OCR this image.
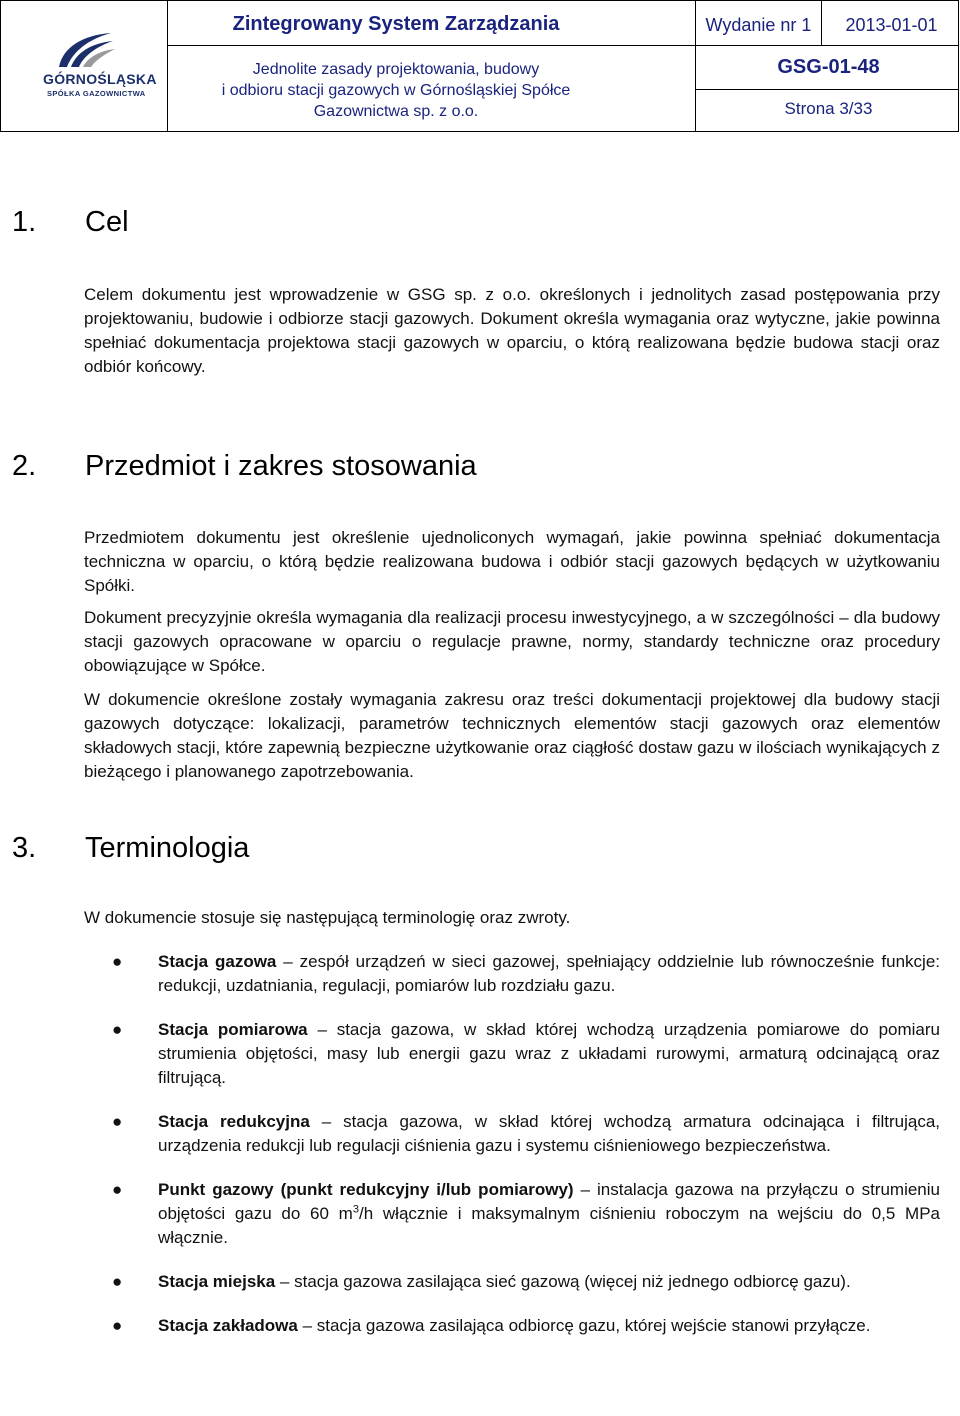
GÓRNOŚLĄSKA
SPÓŁKA GAZOWNICTWA
Zintegrowany System Zarządzania
Jednolite zasady projektowania, budowy
i odbioru stacji gazowych w Górnośląskiej Spółce
Gazownictwa sp. z o.o.
Wydanie nr 1	2013-01-01
GSG-01-48
Strona 3/33
1. Cel
Celem dokumentu jest wprowadzenie w GSG sp. z o.o. określonych i jednolitych zasad postępowania przy projektowaniu, budowie i odbiorze stacji gazowych. Dokument określa wymagania oraz wytyczne, jakie powinna spełniać dokumentacja projektowa stacji gazowych w oparciu, o którą realizowana będzie budowa stacji oraz odbiór końcowy.
2. Przedmiot i zakres stosowania
Przedmiotem dokumentu jest określenie ujednoliconych wymagań, jakie powinna spełniać dokumentacja techniczna w oparciu, o którą będzie realizowana budowa i odbiór stacji gazowych będących w użytkowaniu Spółki.
Dokument precyzyjnie określa wymagania dla realizacji procesu inwestycyjnego, a w szczególności – dla budowy stacji gazowych opracowane w oparciu o regulacje prawne, normy, standardy techniczne oraz procedury obowiązujące w Spółce.
W dokumencie określone zostały wymagania zakresu oraz treści dokumentacji projektowej dla budowy stacji gazowych dotyczące: lokalizacji, parametrów technicznych elementów stacji gazowych oraz elementów składowych stacji, które zapewnią bezpieczne użytkowanie oraz ciągłość dostaw gazu w ilościach wynikających z bieżącego i planowanego zapotrzebowania.
3. Terminologia
W dokumencie stosuje się następującą terminologię oraz zwroty.
● Stacja gazowa – zespół urządzeń w sieci gazowej, spełniający oddzielnie lub równocześnie funkcje: redukcji, uzdatniania, regulacji, pomiarów lub rozdziału gazu.
● Stacja pomiarowa – stacja gazowa, w skład której wchodzą urządzenia pomiarowe do pomiaru strumienia objętości, masy lub energii gazu wraz z układami rurowymi, armaturą odcinającą oraz filtrującą.
● Stacja redukcyjna – stacja gazowa, w skład której wchodzą armatura odcinająca i filtrująca, urządzenia redukcji lub regulacji ciśnienia gazu i systemu ciśnieniowego bezpieczeństwa.
● Punkt gazowy (punkt redukcyjny i/lub pomiarowy) – instalacja gazowa na przyłączu o strumieniu objętości gazu do 60 $m^3/h$ włącznie i maksymalnym ciśnieniu roboczym na wejściu do 0,5 MPa włącznie.
● Stacja miejska – stacja gazowa zasilająca sieć gazową (więcej niż jednego odbiorcę gazu).
● Stacja zakładowa – stacja gazowa zasilająca odbiorcę gazu, której wejście stanowi przyłącze.
